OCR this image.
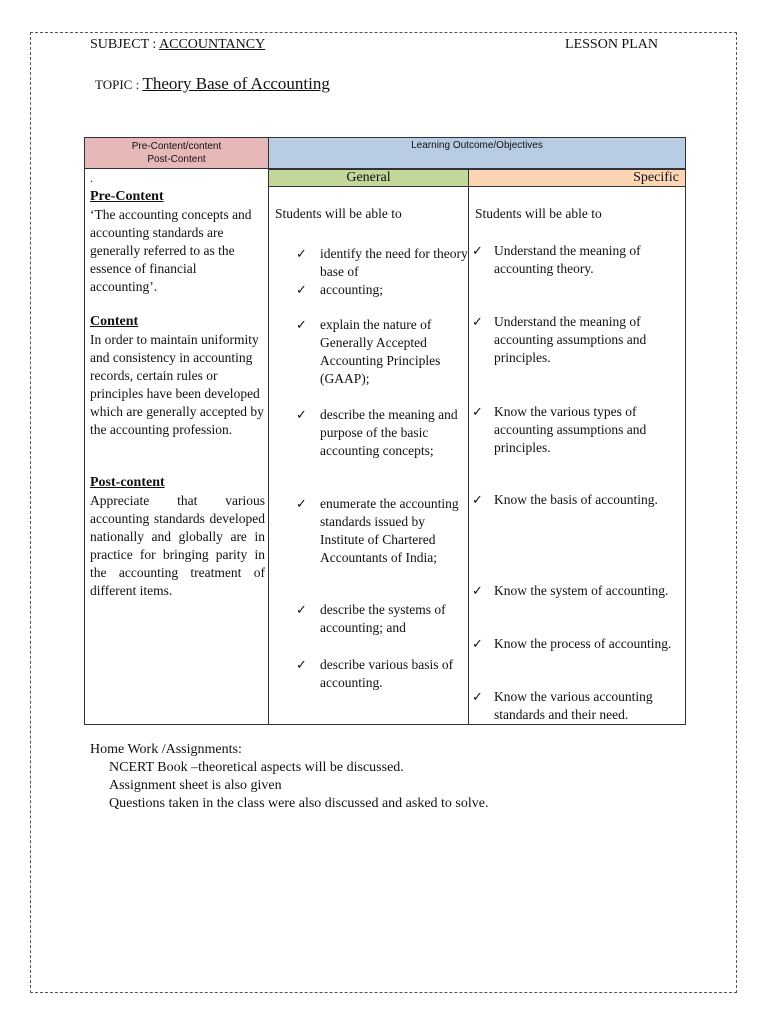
SUBJECT : ACCOUNTANCY	LESSON PLAN
TOPIC : Theory Base of Accounting
Pre-Content/content
Post-Content
Learning Outcome/Objectives
General	Specific
.
Pre-Content
‘The accounting concepts and accounting standards are generally referred to as the essence of financial accounting’.
Content
In order to maintain uniformity and consistency in accounting records, certain rules or principles have been developed which are generally accepted by the accounting profession.
Post-content
Appreciate that various accounting standards developed nationally and globally are in practice for bringing parity in the accounting treatment of different items.
Students will be able to
✓ identify the need for theory base of
✓ accounting;
✓ explain the nature of Generally Accepted Accounting Principles (GAAP);
✓ describe the meaning and purpose of the basic accounting concepts;
✓ enumerate the accounting standards issued by Institute of Chartered Accountants of India;
✓ describe the systems of accounting; and
✓ describe various basis of accounting.
Students will be able to
✓ Understand the meaning of accounting theory.
✓ Understand the meaning of accounting assumptions and principles.
✓ Know the various types of accounting assumptions and principles.
✓ Know the basis of accounting.
✓ Know the system of accounting.
✓ Know the process of accounting.
✓ Know the various accounting standards and their need.
Home Work /Assignments:
NCERT Book –theoretical aspects will be discussed.
Assignment sheet is also given
Questions taken in the class were also discussed and asked to solve.
